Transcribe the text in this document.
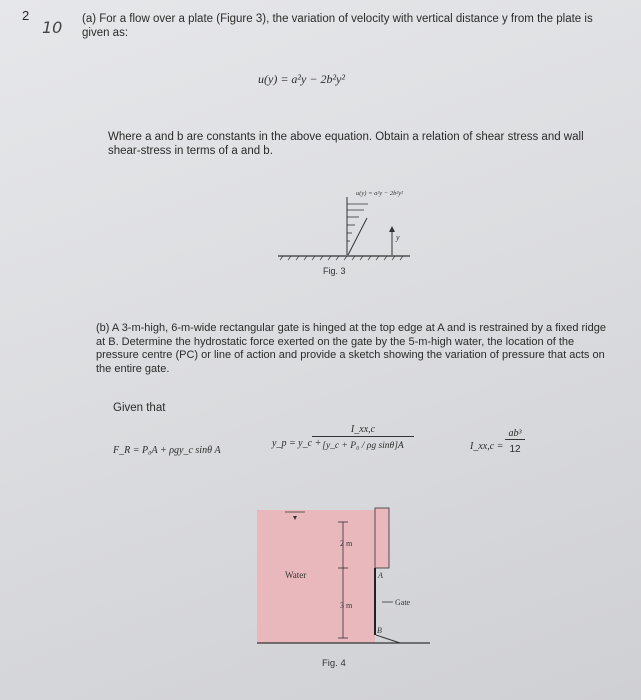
2
10 (a) For a flow over a plate (Figure 3), the variation of velocity with vertical distance y from the plate is given as:
u(y) = a²y − 2b²y²
Where a and b are constants in the above equation. Obtain a relation of shear stress and wall shear-stress in terms of a and b.
y
u(y) = a²y − 2b²y²
Fig. 3
(b) A 3-m-high, 6-m-wide rectangular gate is hinged at the top edge at A and is restrained by a fixed ridge at B. Determine the hydrostatic force exerted on the gate by the 5-m-high water, the location of the pressure centre (PC) or line of action and provide a sketch showing the variation of pressure that acts on the entire gate.
Given that
F_R = P₀A + ρgy_c sinθ A
y_p = y_c +
I_xx,c
[y_c + P₀ / ρg sinθ]A	I_xx,c =
ab³
12
Water
2 m
3 m
A
B
Gate
Fig. 4
